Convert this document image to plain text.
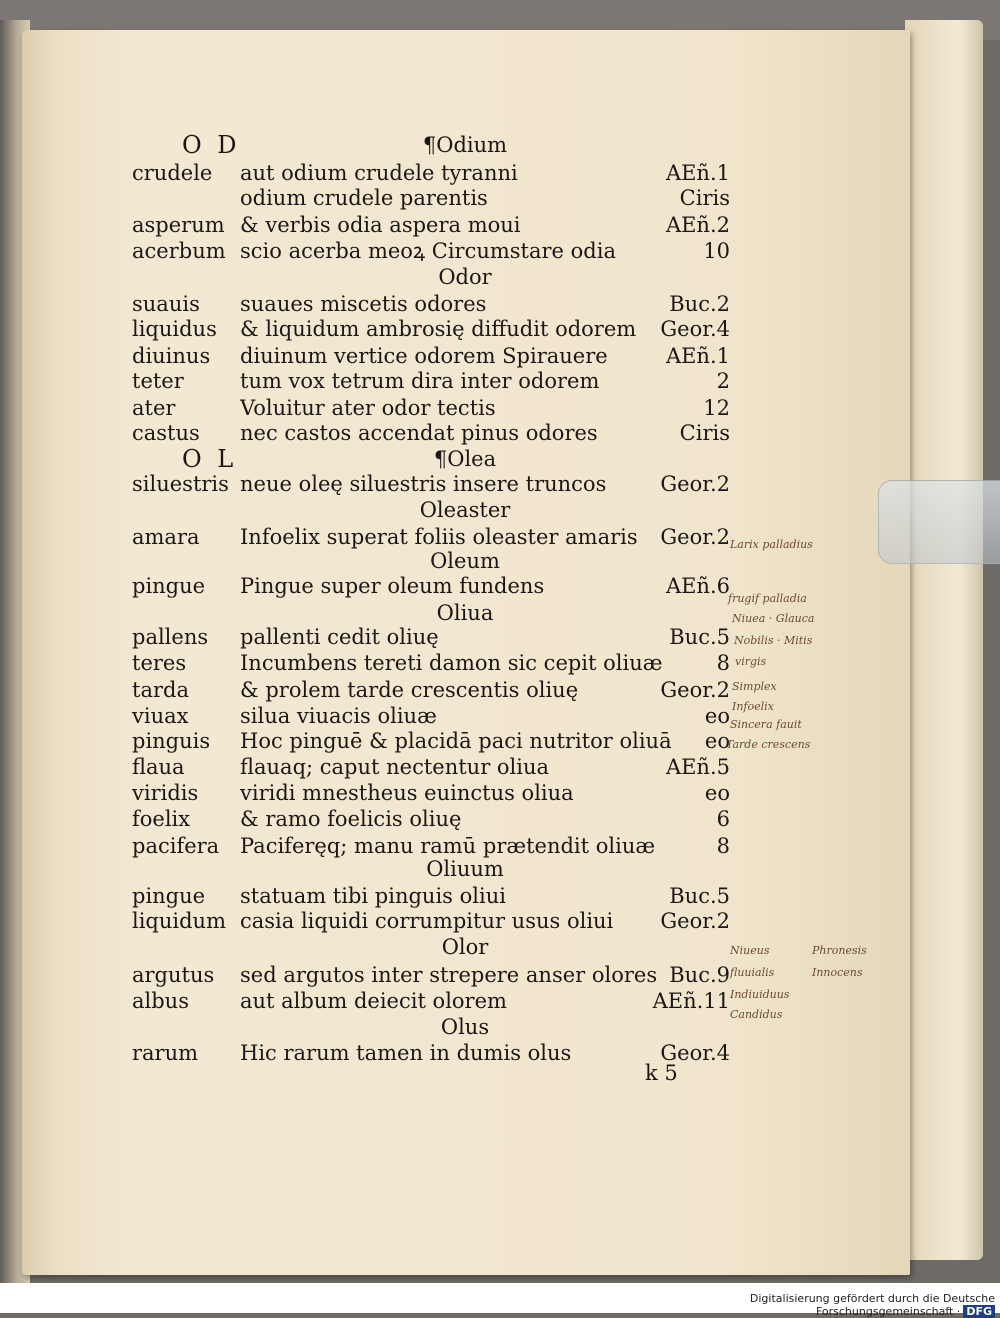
O D	¶Odium
crudele aut odium crudele tyranni	AEñ.1
odium crudele parentis	Ciris
asperum & verbis odia aspera moui	AEñ.2
acerbum scio acerba meoꝝ Circumstare odia	10
Odor
suauis suaues miscetis odores	Buc.2
liquidus & liquidum ambrosię diffudit odorem	Geor.4
diuinus diuinum vertice odorem Spirauere	AEñ.1
teter	tum vox tetrum dira inter odorem	2
ater	Voluitur ater odor tectis	12
castus nec castos accendat pinus odores	Ciris
O L	¶Olea
siluestris neue oleę siluestris insere truncos	Geor.2
Oleaster
amara Infoelix superat foliis oleaster amaris	Geor.2
Oleum
pingue Pingue super oleum fundens	AEñ.6
Oliua
pallens pallenti cedit oliuę	Buc.5
teres	Incumbens tereti damon sic cepit oliuæ	8
tarda & prolem tarde crescentis oliuę	Geor.2
viuax silua viuacis oliuæ	eo
pinguis Hoc pinguē & placidā paci nutritor oliuā	eo
flaua	flauaq; caput nectentur oliua	AEñ.5
viridis viridi mnestheus euinctus oliua	eo
foelix & ramo foelicis oliuę	6
pacifera Paciferęq; manu ramū prætendit oliuæ	8
Oliuum
pingue statuam tibi pinguis oliui	Buc.5
liquidum casia liquidi corrumpitur usus oliui	Geor.2
Olor
argutus sed argutos inter strepere anser olores Buc.9
albus aut album deiecit olorem	AEñ.11
Olus
rarum Hic rarum tamen in dumis olus	Geor.4
k 5
Larix palladius
frugif palladia
Niuea · Glauca
Nobilis · Mitis
virgis
Simplex
Infoelix
Sincera fauit
Tarde crescens
Niueus	Phronesis
fluuialis	Innocens
Indiuiduus
Candidus
Digitalisierung gefördert durch die Deutsche Forschungsgemeinschaft · DFG
